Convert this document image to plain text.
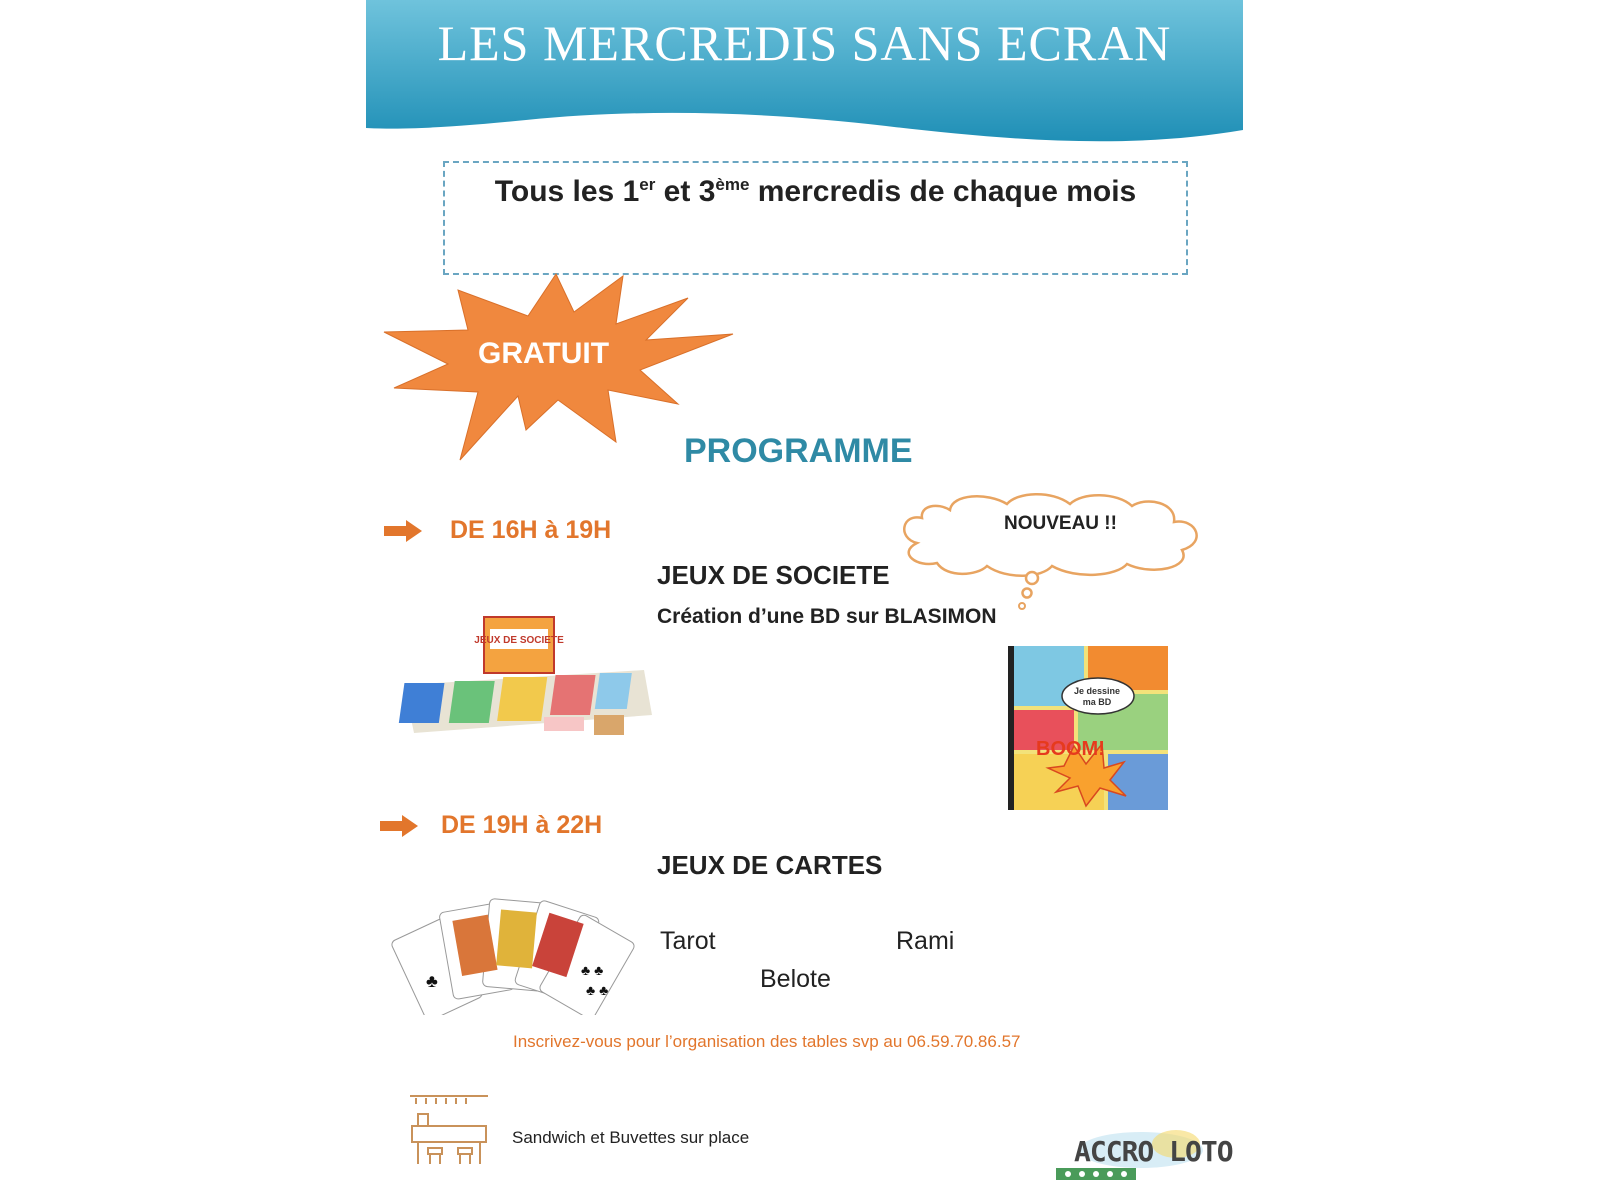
LES MERCREDIS SANS ECRAN
Tous les 1er et 3ème mercredis de chaque mois
GRATUIT
PROGRAMME
NOUVEAU !!
DE 16H à 19H
JEUX DE SOCIETE
Création d’une BD sur BLASIMON
JEUX DE SOCIETE
Je dessine ma BD
BOOM!
DE 19H à 22H
JEUX DE CARTES
♣
♣ ♣
♣ ♣
Tarot
Belote
Rami
Inscrivez-vous pour l’organisation des tables svp au 06.59.70.86.57
Sandwich et Buvettes sur place	ACCRO LOTO
